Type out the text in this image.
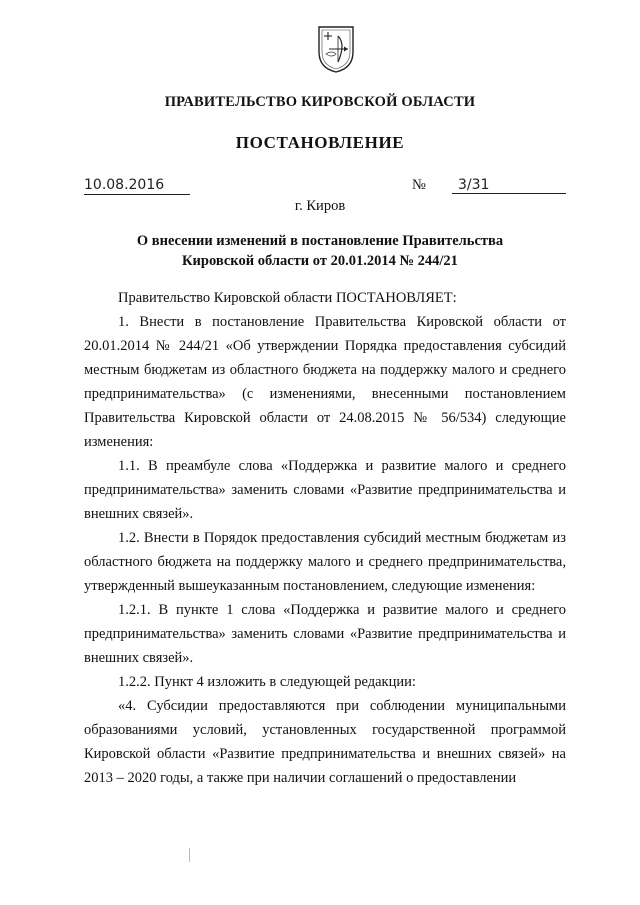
ПРАВИТЕЛЬСТВО КИРОВСКОЙ ОБЛАСТИ
ПОСТАНОВЛЕНИЕ
10.08.2016	№	3/31
г. Киров
О внесении изменений в постановление Правительства
Кировской области от 20.01.2014 № 244/21

Правительство Кировской области ПОСТАНОВЛЯЕТ:

1. Внести в постановление Правительства Кировской области от 20.01.2014 № 244/21 «Об утверждении Порядка предоставления субсидий местным бюджетам из областного бюджета на поддержку малого и среднего предпринимательства» (с изменениями, внесенными постановлением Правительства Кировской области от 24.08.2015 № 56/534) следующие изменения:

1.1. В преамбуле слова «Поддержка и развитие малого и среднего предпринимательства» заменить словами «Развитие предпринимательства и внешних связей».

1.2. Внести в Порядок предоставления субсидий местным бюджетам из областного бюджета на поддержку малого и среднего предпринимательства, утвержденный вышеуказанным постановлением, следующие изменения:

1.2.1. В пункте 1 слова «Поддержка и развитие малого и среднего предпринимательства» заменить словами «Развитие предпринимательства и внешних связей».

1.2.2. Пункт 4 изложить в следующей редакции:

«4. Субсидии предоставляются при соблюдении муниципальными образованиями условий, установленных государственной программой Кировской области «Развитие предпринимательства и внешних связей» на 2013 – 2020 годы, а также при наличии соглашений о предоставлении
